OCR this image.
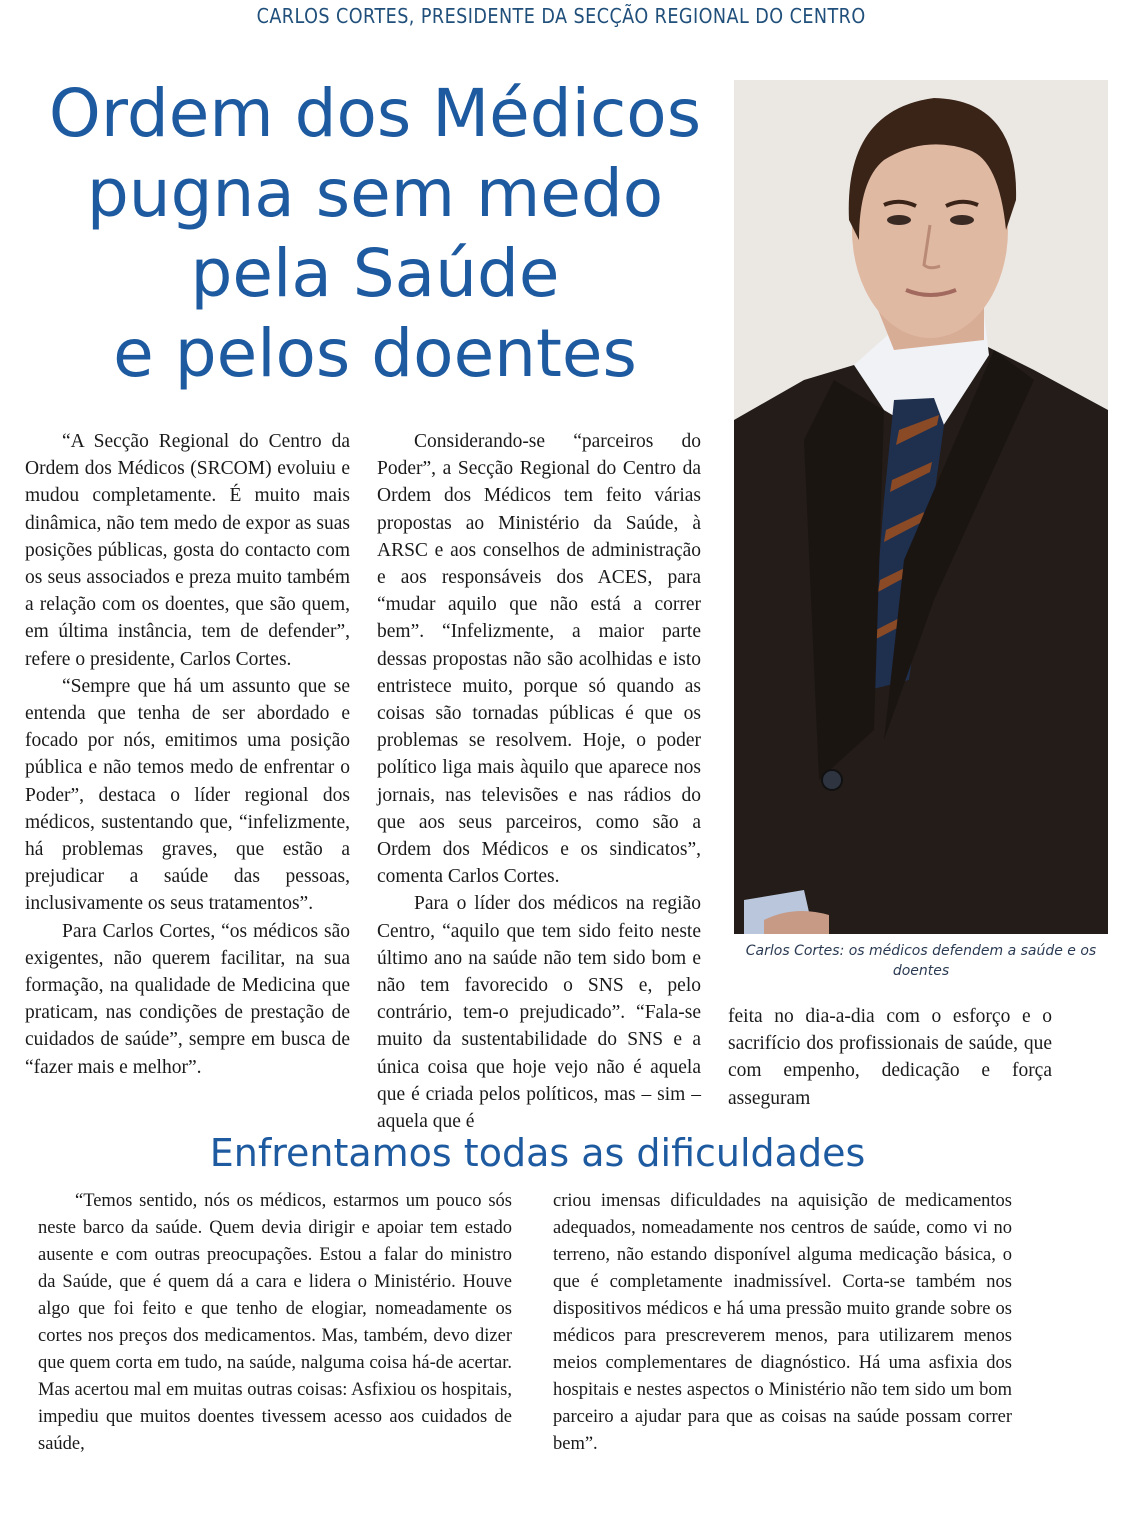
CARLOS CORTES, PRESIDENTE DA SECÇÃO REGIONAL DO CENTRO
Ordem dos Médicos
pugna sem medo
pela Saúde
e pelos doentes
Carlos Cortes: os médicos defendem a saúde e os doentes

“A Secção Regional do Centro da Ordem dos Médicos (SRCOM) evoluiu e mudou completamente. É muito mais dinâmica, não tem medo de expor as suas posições públicas, gosta do contacto com os seus associados e preza muito também a relação com os doentes, que são quem, em última instância, tem de defender”, refere o presidente, Carlos Cortes.

“Sempre que há um assunto que se entenda que tenha de ser abordado e focado por nós, emitimos uma posição pública e não temos medo de enfrentar o Poder”, destaca o líder regional dos médicos, sustentando que, “infelizmente, há problemas graves, que estão a prejudicar a saúde das pessoas, inclusivamente os seus tratamentos”.

Para Carlos Cortes, “os médicos são exigentes, não querem facilitar, na sua formação, na qualidade de Medicina que praticam, nas condições de prestação de cuidados de saúde”, sempre em busca de “fazer mais e melhor”.

Considerando-se “parceiros do Poder”, a Secção Regional do Centro da Ordem dos Médicos tem feito várias propostas ao Ministério da Saúde, à ARSC e aos conselhos de administração e aos responsáveis dos ACES, para “mudar aquilo que não está a correr bem”. “Infelizmente, a maior parte dessas propostas não são acolhidas e isto entristece muito, porque só quando as coisas são tornadas públicas é que os problemas se resolvem. Hoje, o poder político liga mais àquilo que aparece nos jornais, nas televisões e nas rádios do que aos seus parceiros, como são a Ordem dos Médicos e os sindicatos”, comenta Carlos Cortes.

Para o líder dos médicos na região Centro, “aquilo que tem sido feito neste último ano na saúde não tem sido bom e não tem favorecido o SNS e, pelo contrário, tem-o prejudicado”. “Fala-se muito da sustentabilidade do SNS e a única coisa que hoje vejo não é aquela que é criada pelos políticos, mas – sim – aquela que é

feita no dia-a-dia com o esforço e o sacrifício dos profissionais de saúde, que com empenho, dedicação e força asseguram

Enfrentamos todas as dificuldades

“Temos sentido, nós os médicos, estarmos um pouco sós neste barco da saúde. Quem devia dirigir e apoiar tem estado ausente e com outras preocupações. Estou a falar do ministro da Saúde, que é quem dá a cara e lidera o Ministério. Houve algo que foi feito e que tenho de elogiar, nomeadamente os cortes nos preços dos medicamentos. Mas, também, devo dizer que quem corta em tudo, na saúde, nalguma coisa há-de acertar. Mas acertou mal em muitas outras coisas: Asfixiou os hospitais, impediu que muitos doentes tivessem acesso aos cuidados de saúde,

criou imensas dificuldades na aquisição de medicamentos adequados, nomeadamente nos centros de saúde, como vi no terreno, não estando disponível alguma medicação básica, o que é completamente inadmissível. Corta-se também nos dispositivos médicos e há uma pressão muito grande sobre os médicos para prescreverem menos, para utilizarem menos meios complementares de diagnóstico. Há uma asfixia dos hospitais e nestes aspectos o Ministério não tem sido um bom parceiro a ajudar para que as coisas na saúde possam correr bem”.
